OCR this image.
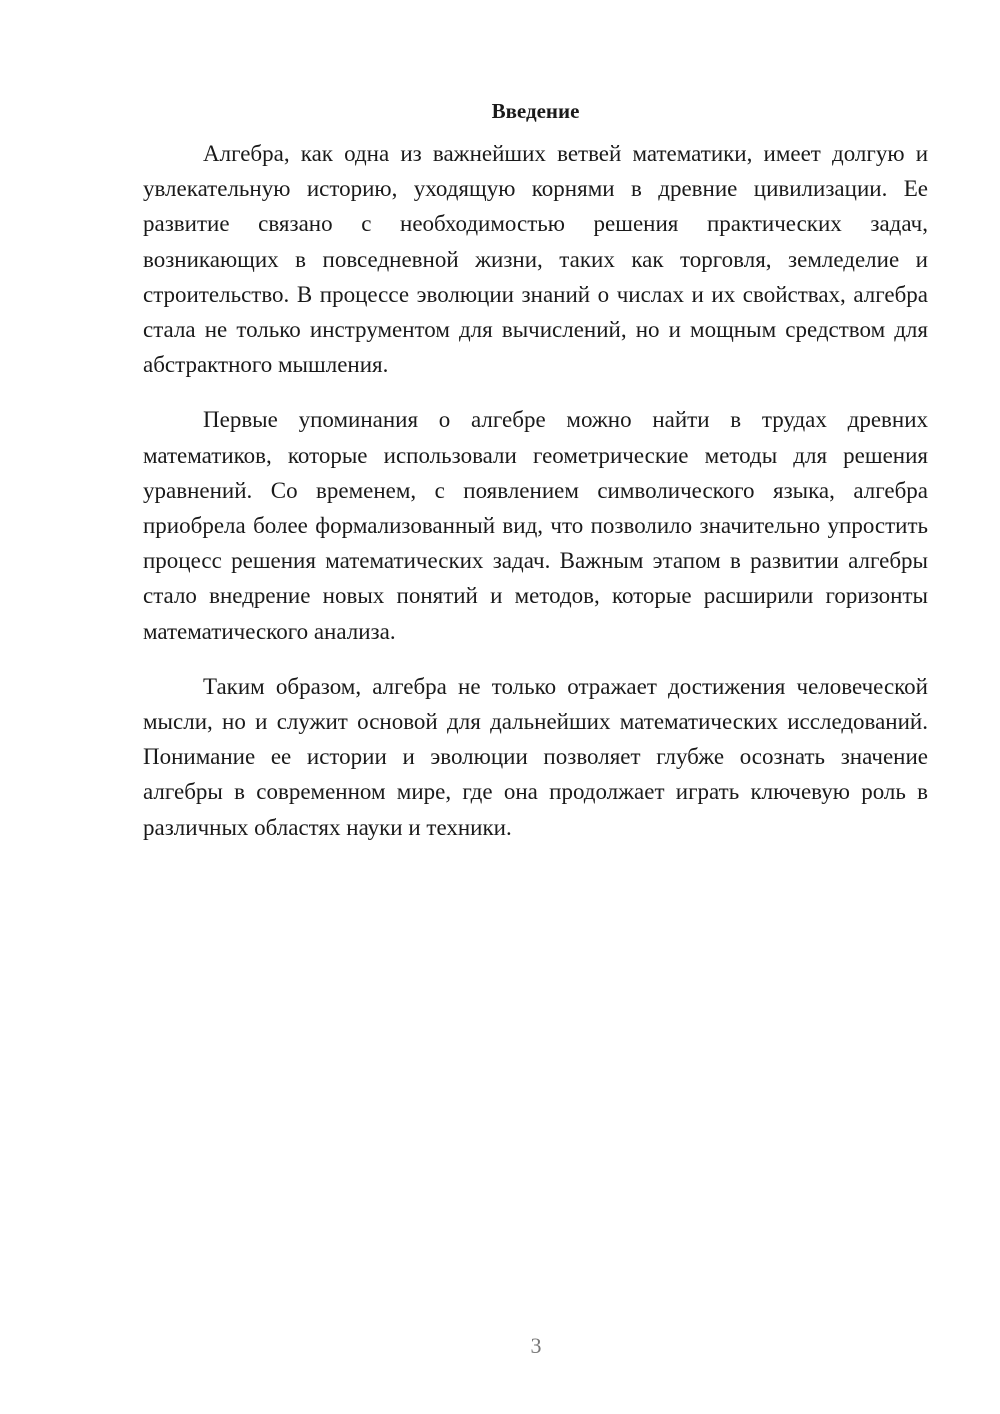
Введение

Алгебра, как одна из важнейших ветвей математики, имеет долгую и увлекательную историю, уходящую корнями в древние цивилизации. Ее развитие связано с необходимостью решения практических задач, возникающих в повседневной жизни, таких как торговля, земледелие и строительство. В процессе эволюции знаний о числах и их свойствах, алгебра стала не только инструментом для вычислений, но и мощным средством для абстрактного мышления.

Первые упоминания о алгебре можно найти в трудах древних математиков, которые использовали геометрические методы для решения уравнений. Со временем, с появлением символического языка, алгебра приобрела более формализованный вид, что позволило значительно упростить процесс решения математических задач. Важным этапом в развитии алгебры стало внедрение новых понятий и методов, которые расширили горизонты математического анализа.

Таким образом, алгебра не только отражает достижения человеческой мысли, но и служит основой для дальнейших математических исследований. Понимание ее истории и эволюции позволяет глубже осознать значение алгебры в современном мире, где она продолжает играть ключевую роль в различных областях науки и техники.

3
